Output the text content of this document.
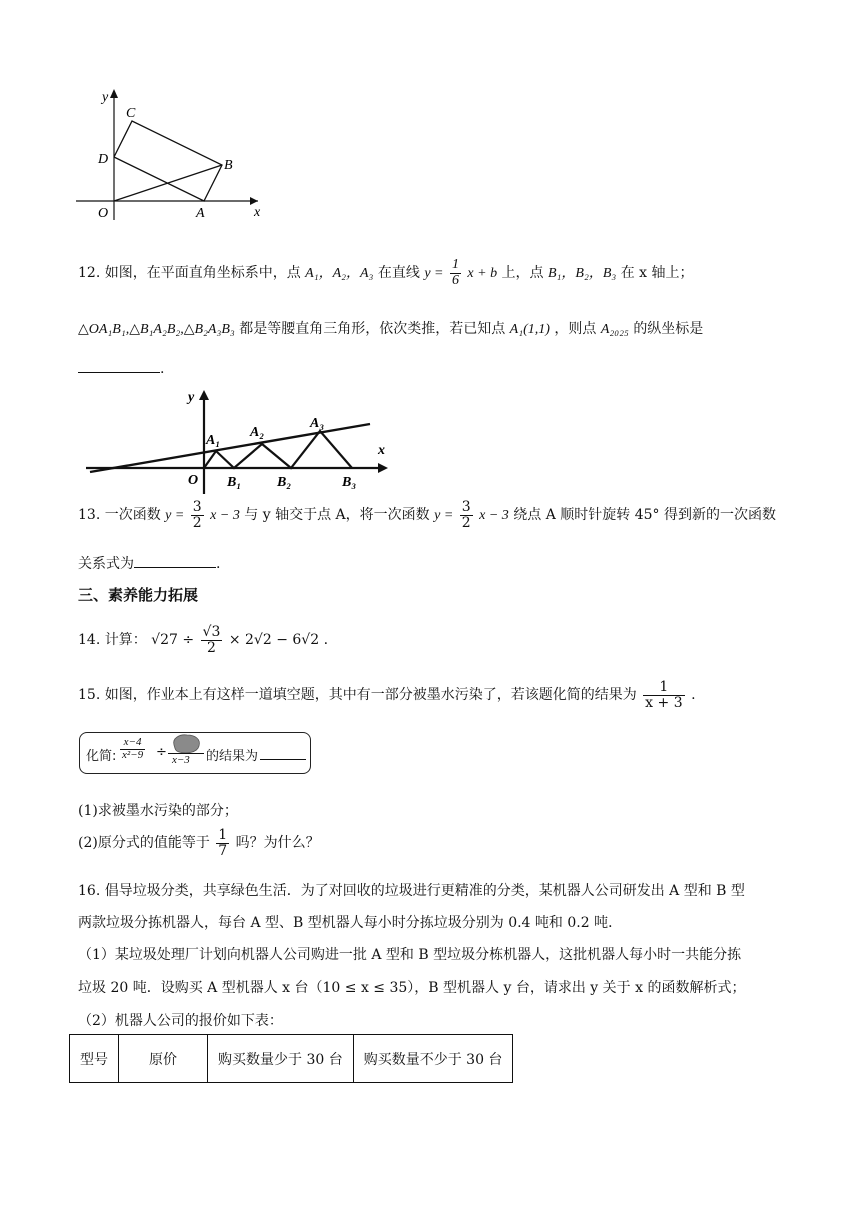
y
x
C
D	B
O	A
12. 如图，在平面直角坐标系中，点 A₁，A₂，A₃ 在直线 $y = \frac{1}{6}$ x + b 上，点 B₁，B₂，B₃ 在 x 轴上；
△OA₁B₁,△B₁A₂B₂,△B₂A₃B₃ 都是等腰直角三角形，依次类推，若已知点 A₁(1,1) ，则点 A₂₀₂₅ 的纵坐标是
.
y
x
O
A₁
A₂
A₃
B₁	B₂	B₃
13. 一次函数 $y = \frac{3}{2}$ x − 3 与 y 轴交于点 A，将一次函数 $y = \frac{3}{2}$ x − 3 绕点 A 顺时针旋转 45° 得到新的一次函数
关系式为	.
三、素养能力拓展
14. 计算： $√27 \div \frac{√3}{2} \times 2√2 - 6√2$ .
15. 如图，作业本上有这样一道填空题，其中有一部分被墨水污染了，若该题化简的结果为 $\frac{1}{x + 3}$ .
化简: $\frac{x-4}{\text{x²−9}} \div x-3$ 的结果为
(1)求被墨水污染的部分；
(2)原分式的值能等于 $\frac{1}{7}$ 吗？为什么？
16. 倡导垃圾分类，共享绿色生活．为了对回收的垃圾进行更精准的分类，某机器人公司研发出 A 型和 B 型
两款垃圾分拣机器人，每台 A 型、B 型机器人每小时分拣垃圾分别为 0.4 吨和 0.2 吨．
（1）某垃圾处理厂计划向机器人公司购进一批 A 型和 B 型垃圾分栋机器人，这批机器人每小时一共能分拣
垃圾 20 吨．设购买 A 型机器人 x 台（10 ≤ x ≤ 35），B 型机器人 y 台，请求出 y 关于 x 的函数解析式；
（2）机器人公司的报价如下表：
型号	原价	购买数量少于 30 台	购买数量不少于 30 台
